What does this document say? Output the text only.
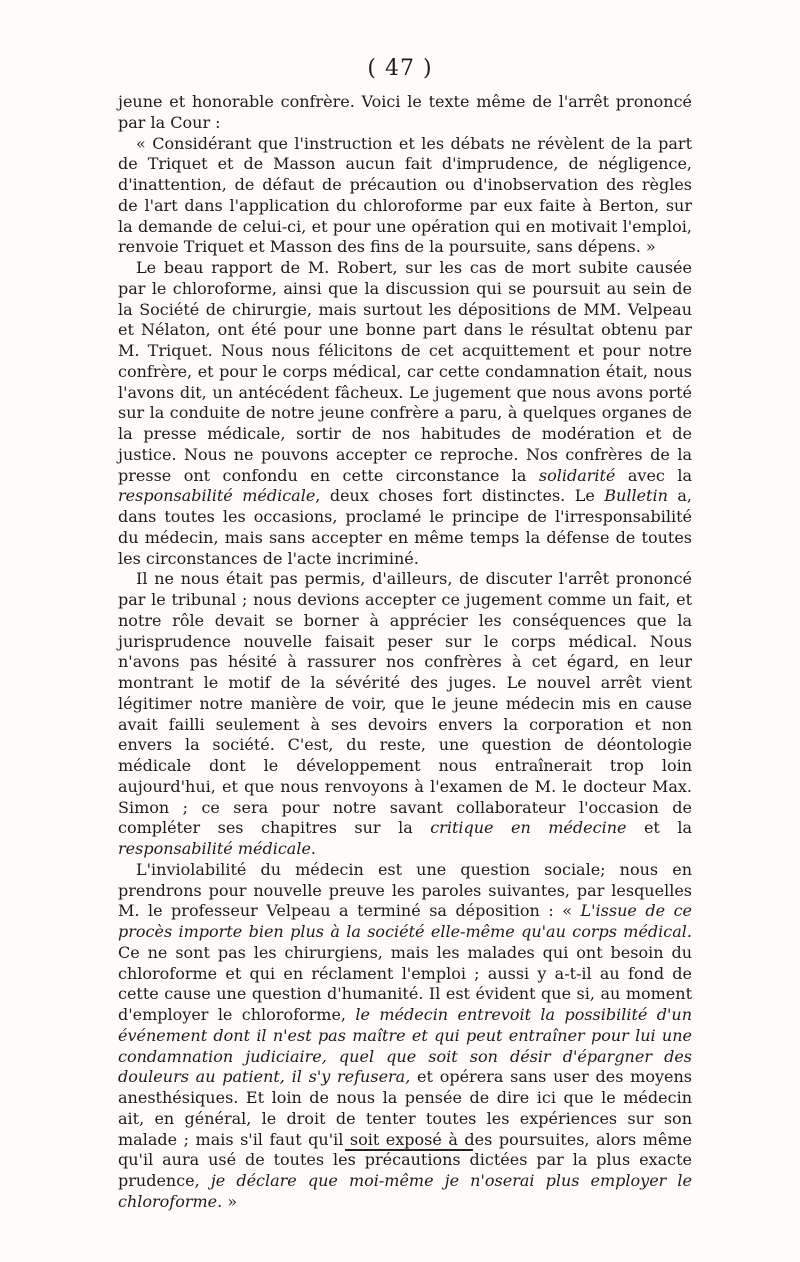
( 47 )

jeune et honorable confrère. Voici le texte même de l'arrêt prononcé par la Cour :

« Considérant que l'instruction et les débats ne révèlent de la part de Triquet et de Masson aucun fait d'imprudence, de négligence, d'inattention, de défaut de précaution ou d'inobservation des règles de l'art dans l'application du chloroforme par eux faite à Berton, sur la demande de celui-ci, et pour une opération qui en motivait l'emploi, renvoie Triquet et Masson des fins de la poursuite, sans dépens. »

Le beau rapport de M. Robert, sur les cas de mort subite causée par le chloroforme, ainsi que la discussion qui se poursuit au sein de la Société de chirurgie, mais surtout les dépositions de MM. Velpeau et Nélaton, ont été pour une bonne part dans le résultat obtenu par M. Triquet. Nous nous félicitons de cet acquittement et pour notre confrère, et pour le corps médical, car cette condamnation était, nous l'avons dit, un antécédent fâcheux. Le jugement que nous avons porté sur la conduite de notre jeune confrère a paru, à quelques organes de la presse médicale, sortir de nos habitudes de modération et de justice. Nous ne pouvons accepter ce reproche. Nos confrères de la presse ont confondu en cette circonstance la solidarité avec la responsabilité médicale, deux choses fort distinctes. Le Bulletin a, dans toutes les occasions, proclamé le principe de l'irresponsabilité du médecin, mais sans accepter en même temps la défense de toutes les circonstances de l'acte incriminé.

Il ne nous était pas permis, d'ailleurs, de discuter l'arrêt prononcé par le tribunal ; nous devions accepter ce jugement comme un fait, et notre rôle devait se borner à apprécier les conséquences que la jurisprudence nouvelle faisait peser sur le corps médical. Nous n'avons pas hésité à rassurer nos confrères à cet égard, en leur montrant le motif de la sévérité des juges. Le nouvel arrêt vient légitimer notre manière de voir, que le jeune médecin mis en cause avait failli seulement à ses devoirs envers la corporation et non envers la société. C'est, du reste, une question de déontologie médicale dont le développement nous entraînerait trop loin aujourd'hui, et que nous renvoyons à l'examen de M. le docteur Max. Simon ; ce sera pour notre savant collaborateur l'occasion de compléter ses chapitres sur la critique en médecine et la responsabilité médicale.

L'inviolabilité du médecin est une question sociale; nous en prendrons pour nouvelle preuve les paroles suivantes, par lesquelles M. le professeur Velpeau a terminé sa déposition : « L'issue de ce procès importe bien plus à la société elle-même qu'au corps médical. Ce ne sont pas les chirurgiens, mais les malades qui ont besoin du chloroforme et qui en réclament l'emploi ; aussi y a-t-il au fond de cette cause une question d'humanité. Il est évident que si, au moment d'employer le chloroforme, le médecin entrevoit la possibilité d'un événement dont il n'est pas maître et qui peut entraîner pour lui une condamnation judiciaire, quel que soit son désir d'épargner des douleurs au patient, il s'y refusera, et opérera sans user des moyens anesthésiques. Et loin de nous la pensée de dire ici que le médecin ait, en général, le droit de tenter toutes les expériences sur son malade ; mais s'il faut qu'il soit exposé à des poursuites, alors même qu'il aura usé de toutes les précautions dictées par la plus exacte prudence, je déclare que moi-même je n'oserai plus employer le chloroforme. »
